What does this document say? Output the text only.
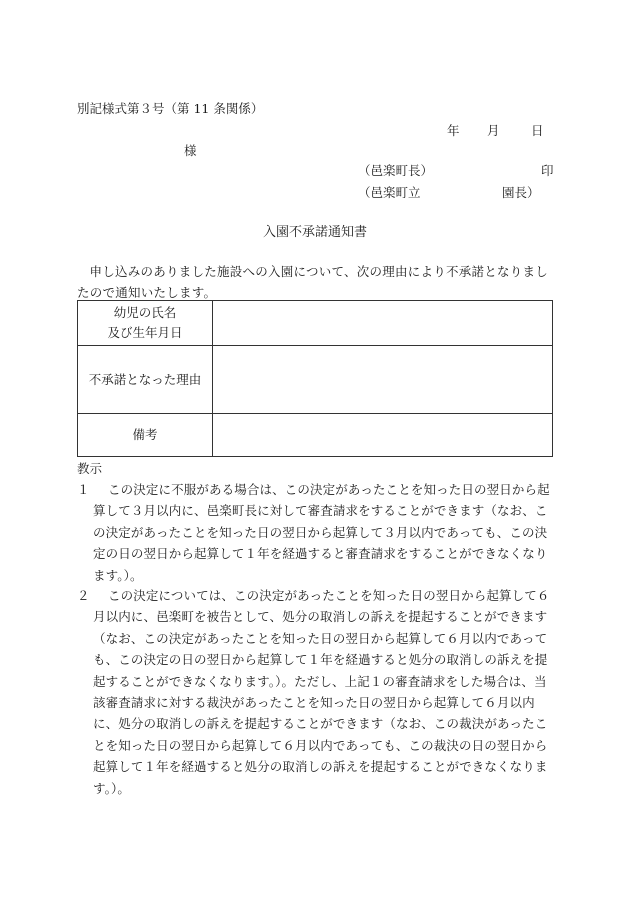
別記様式第３号（第 11 条関係）
年 月	日
様
（邑楽町長）	印
（邑楽町立	園長）
入園不承諾通知書
申し込みのありました施設への入園について、次の理由により不承諾となりましたので通知いたします。
幼児の氏名
及び生年月日	

不承諾となった理由	
備考	
教示
１	この決定に不服がある場合は、この決定があったことを知った日の翌日から起算して３月以内に、邑楽町長に対して審査請求をすることができます（なお、この決定があったことを知った日の翌日から起算して３月以内であっても、この決定の日の翌日から起算して１年を経過すると審査請求をすることができなくなります。）。
２	この決定については、この決定があったことを知った日の翌日から起算して６月以内に、邑楽町を被告として、処分の取消しの訴えを提起することができます（なお、この決定があったことを知った日の翌日から起算して６月以内であっても、この決定の日の翌日から起算して１年を経過すると処分の取消しの訴えを提起することができなくなります。）。ただし、上記１の審査請求をした場合は、当該審査請求に対する裁決があったことを知った日の翌日から起算して６月以内に、処分の取消しの訴えを提起することができます（なお、この裁決があったことを知った日の翌日から起算して６月以内であっても、この裁決の日の翌日から起算して１年を経過すると処分の取消しの訴えを提起することができなくなります。）。
